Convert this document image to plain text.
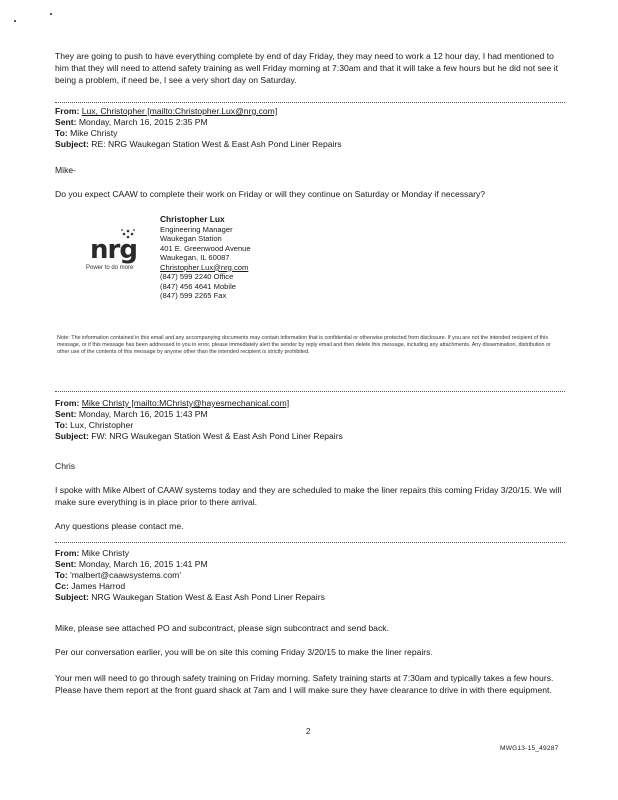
They are going to push to have everything complete by end of day Friday, they may need to work a 12 hour day, I had mentioned to him that they will need to attend safety training as well Friday morning at 7:30am and that it will take a few hours but he did not see it being a problem, if need be, I see a very short day on Saturday.

From: Lux, Christopher [mailto:Christopher.Lux@nrg.com]

Sent: Monday, March 16, 2015 2:35 PM

To: Mike Christy

Subject: RE: NRG Waukegan Station West & East Ash Pond Liner Repairs

Mike-

Do you expect CAAW to complete their work on Friday or will they continue on Saturday or Monday if necessary?

nrg
Power to do more
Christopher Lux
Engineering Manager
Waukegan Station
401 E. Greenwood Avenue
Waukegan, IL 60087
Christopher.Lux@nrg.com
(847) 599 2240 Office
(847) 456 4641 Mobile
(847) 599 2265 Fax
Note: The information contained in this email and any accompanying documents may contain information that is confidential or otherwise protected from disclosure. If you are not the intended recipient of this message, or if this message has been addressed to you in error, please immediately alert the sender by reply email and then delete this message, including any attachments. Any dissemination, distribution or other use of the contents of this message by anyone other than the intended recipient is strictly prohibited.

From: Mike Christy [mailto:MChristy@hayesmechanical.com]

Sent: Monday, March 16, 2015 1:43 PM

To: Lux, Christopher

Subject: FW: NRG Waukegan Station West & East Ash Pond Liner Repairs

Chris

I spoke with Mike Albert of CAAW systems today and they are scheduled to make the liner repairs this coming Friday 3/20/15. We will make sure everything is in place prior to there arrival.

Any questions please contact me.

From: Mike Christy

Sent: Monday, March 16, 2015 1:41 PM

To: 'malbert@caawsystems.com'

Cc: James Harrod

Subject: NRG Waukegan Station West & East Ash Pond Liner Repairs

Mike, please see attached PO and subcontract, please sign subcontract and send back.

Per our conversation earlier, you will be on site this coming Friday 3/20/15 to make the liner repairs.

Your men will need to go through safety training on Friday morning. Safety training starts at 7:30am and typically takes a few hours. Please have them report at the front guard shack at 7am and I will make sure they have clearance to drive in with there equipment.

2
MWG13-15_49287
